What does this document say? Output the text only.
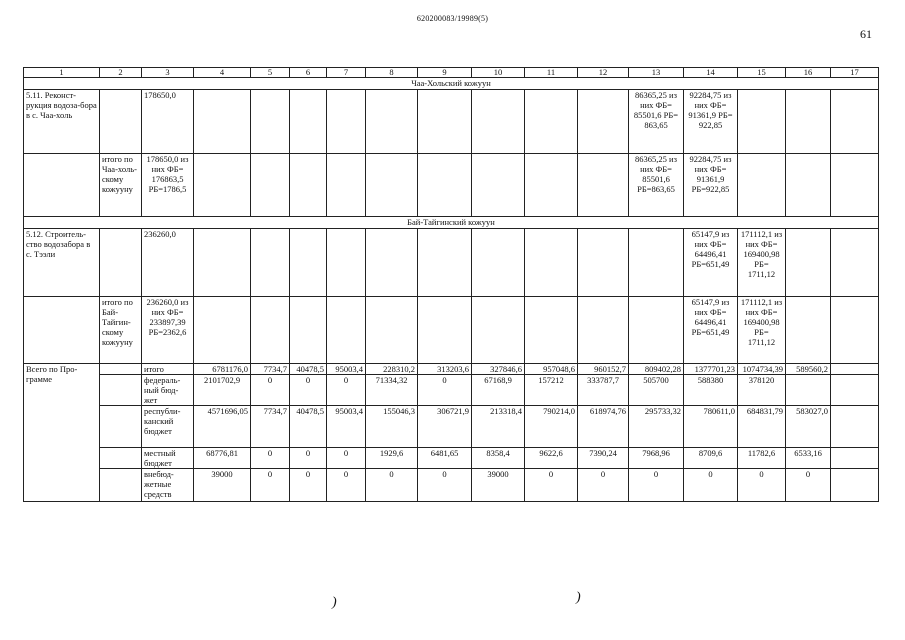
620200083/19989(5)
61
1	2	3	4	5	6	7	8	9	10	11	12	13	14	15	16	17
Чаа-Хольский кожуун																
5.11. Реконст-рукция водоза-бора в с. Чаа-холь		178650,0										86365,25 из них ФБ= 85501,6 РБ= 863,65	92284,75 из них ФБ= 91361,9 РБ= 922,85			
	итого по Чаа-холь-скому кожууну	178650,0 из них ФБ= 176863,5 РБ=1786,5										86365,25 из них ФБ= 85501,6 РБ=863,65	92284,75 из них ФБ= 91361,9 РБ=922,85			
Бай-Тайгинский кожуун																
5.12. Строитель-ство водозабора в с. Тээли		236260,0											65147,9 из них ФБ= 64496,41 РБ=651,49	171112,1 из них ФБ= 169400,98 РБ= 1711,12		
	итого по Бай-Тайгин-скому кожууну	236260,0 из них ФБ= 233897,39 РБ=2362,6											65147,9 из них ФБ= 64496,41 РБ=651,49	171112,1 из них ФБ= 169400,98 РБ= 1711,12		
Всего по Про-грамме		итого	6781176,0	7734,7	40478,5	95003,4	228310,2	313203,6	327846,6	957048,6	960152,7	809402,28	1377701,23	1074734,39	589560,2	
		федераль-ный бюд-жет	2101702,9	0	0	0	71334,32	0	67168,9	157212	333787,7	505700	588380	378120		
		республи-канский бюджет	4571696,05	7734,7	40478,5	95003,4	155046,3	306721,9	213318,4	790214,0	618974,76	295733,32	780611,0	684831,79	583027,0	
		местный бюджет	68776,81	0	0	0	1929,6	6481,65	8358,4	9622,6	7390,24	7968,96	8709,6	11782,6	6533,16	
		внебюд-жетные средств	39000	0	0	0	0	0	39000	0	0	0	0	0	0	
)	)
